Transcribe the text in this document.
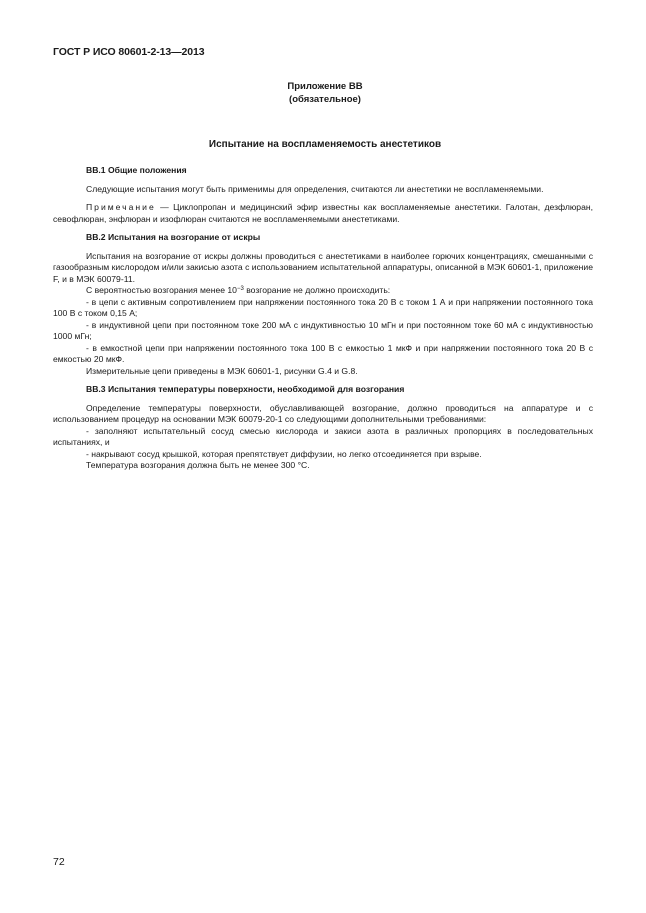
ГОСТ Р ИСО 80601-2-13—2013
Приложение ВВ
(обязательное)
Испытание на воспламеняемость анестетиков

ВВ.1 Общие положения

Следующие испытания могут быть применимы для определения, считаются ли анестетики не воспламеняемыми.

Примечание — Циклопропан и медицинский эфир известны как воспламеняемые анестетики. Галотан, дезфлюран, севофлюран, энфлюран и изофлюран считаются не воспламеняемыми анестетиками.

ВВ.2 Испытания на возгорание от искры

Испытания на возгорание от искры должны проводиться с анестетиками в наиболее горючих концентрациях, смешанными с газообразным кислородом и/или закисью азота с использованием испытательной аппаратуры, описанной в МЭК 60601-1, приложение F, и в МЭК 60079-11.

С вероятностью возгорания менее $10^{-3}$ возгорание не должно происходить:

- в цепи с активным сопротивлением при напряжении постоянного тока 20 В с током 1 А и при напряжении постоянного тока 100 В с током 0,15 А;

- в индуктивной цепи при постоянном токе 200 мА с индуктивностью 10 мГн и при постоянном токе 60 мА с индуктивностью 1000 мГн;

- в емкостной цепи при напряжении постоянного тока 100 В с емкостью 1 мкФ и при напряжении постоянного тока 20 В с емкостью 20 мкФ.

Измерительные цепи приведены в МЭК 60601-1, рисунки G.4 и G.8.

ВВ.3 Испытания температуры поверхности, необходимой для возгорания

Определение температуры поверхности, обуславливающей возгорание, должно проводиться на аппаратуре и с использованием процедур на основании МЭК 60079-20-1 со следующими дополнительными требованиями:

- заполняют испытательный сосуд смесью кислорода и закиси азота в различных пропорциях в последовательных испытаниях, и

- накрывают сосуд крышкой, которая препятствует диффузии, но легко отсоединяется при взрыве.

Температура возгорания должна быть не менее 300 °С.

72
